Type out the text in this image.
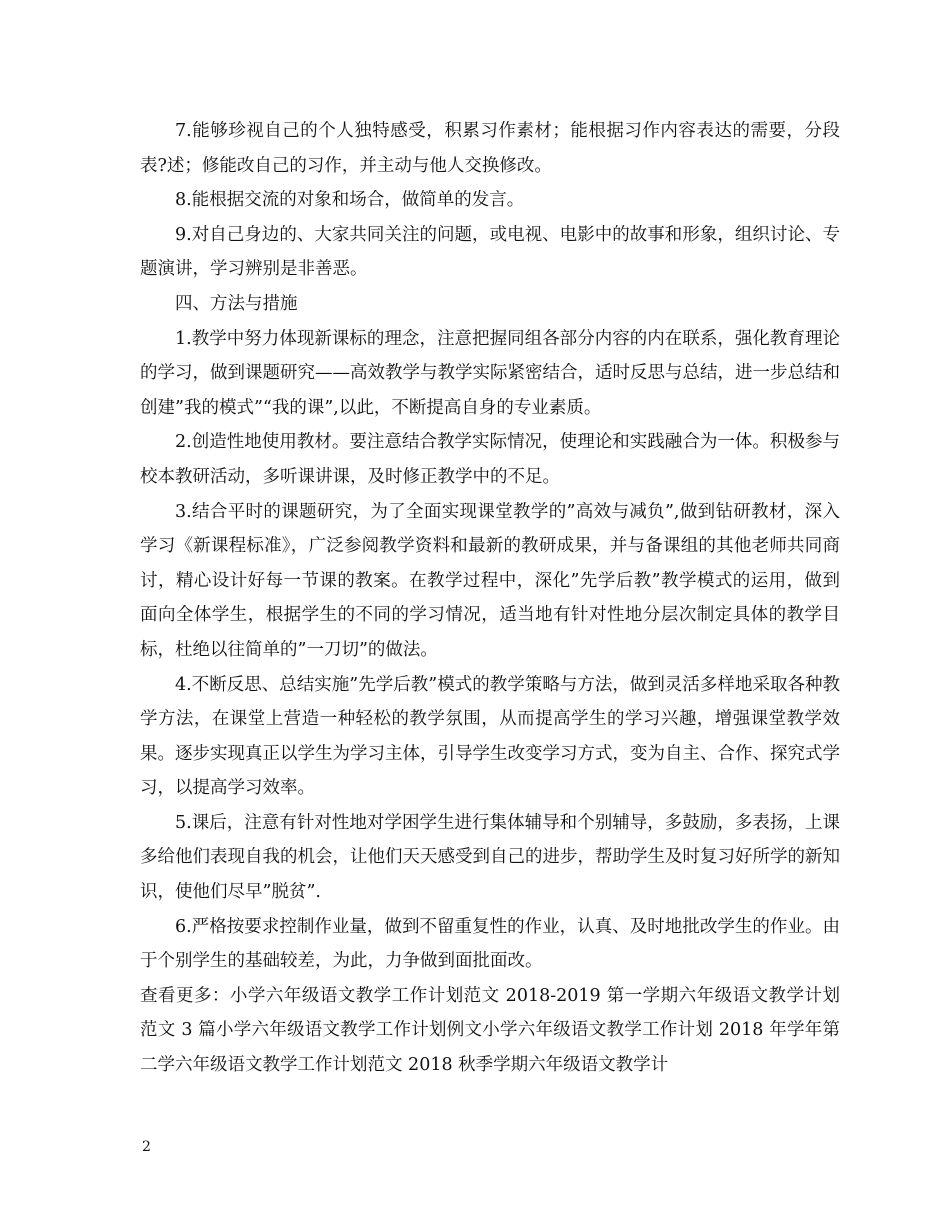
7.能够珍视自己的个人独特感受，积累习作素材；能根据习作内容表达的需要，分段表?述；修能改自己的习作，并主动与他人交换修改。

8.能根据交流的对象和场合，做简单的发言。

9.对自己身边的、大家共同关注的问题，或电视、电影中的故事和形象，组织讨论、专题演讲，学习辨别是非善恶。

四、方法与措施

1.教学中努力体现新课标的理念，注意把握同组各部分内容的内在联系，强化教育理论的学习，做到课题研究——高效教学与教学实际紧密结合，适时反思与总结，进一步总结和创建”我的模式”“我的课”,以此，不断提高自身的专业素质。

2.创造性地使用教材。要注意结合教学实际情况，使理论和实践融合为一体。积极参与校本教研活动，多听课讲课，及时修正教学中的不足。

3.结合平时的课题研究，为了全面实现课堂教学的”高效与减负”,做到钻研教材，深入学习《新课程标准》，广泛参阅教学资料和最新的教研成果，并与备课组的其他老师共同商讨，精心设计好每一节课的教案。在教学过程中，深化”先学后教”教学模式的运用，做到面向全体学生，根据学生的不同的学习情况，适当地有针对性地分层次制定具体的教学目标，杜绝以往简单的”一刀切”的做法。

4.不断反思、总结实施”先学后教”模式的教学策略与方法，做到灵活多样地采取各种教学方法，在课堂上营造一种轻松的教学氛围，从而提高学生的学习兴趣，增强课堂教学效果。逐步实现真正以学生为学习主体，引导学生改变学习方式，变为自主、合作、探究式学习，以提高学习效率。

5.课后，注意有针对性地对学困学生进行集体辅导和个别辅导，多鼓励，多表扬，上课多给他们表现自我的机会，让他们天天感受到自己的进步，帮助学生及时复习好所学的新知识，使他们尽早”脱贫”.

6.严格按要求控制作业量，做到不留重复性的作业，认真、及时地批改学生的作业。由于个别学生的基础较差，为此，力争做到面批面改。

查看更多：小学六年级语文教学工作计划范文 2018-2019 第一学期六年级语文教学计划范文 3 篇小学六年级语文教学工作计划例文小学六年级语文教学工作计划 2018 年学年第二学六年级语文教学工作计划范文 2018 秋季学期六年级语文教学计

2
